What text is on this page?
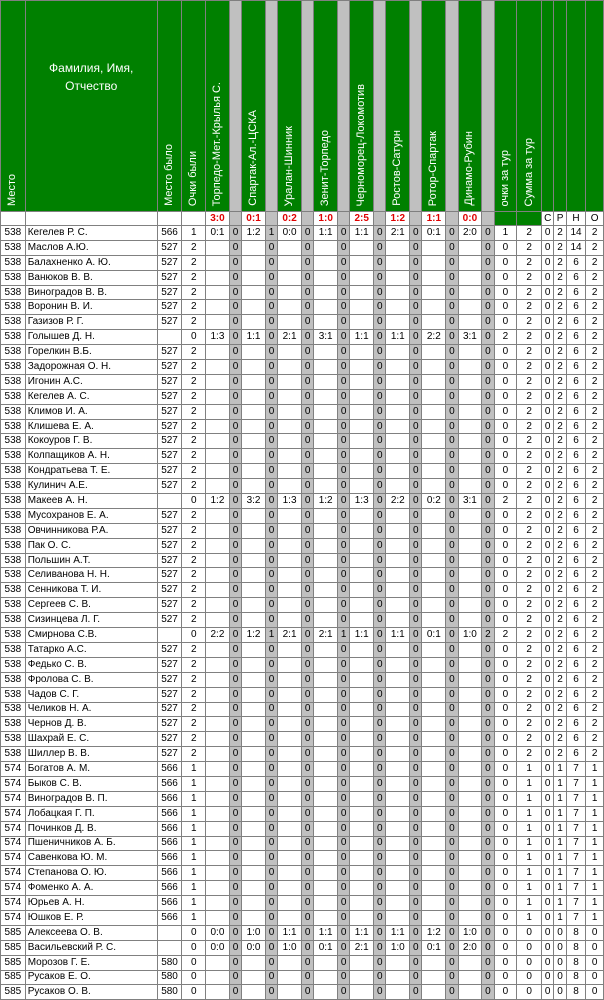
Место	Фамилия, Имя, Отчество	Место было	Очки были	Торпедо-Мет.-Крылья С.		Спартак-Ал.-ЦСКА		Уралан-Шинник		Зенит-Торпедо		Черноморец-Локомотив		Ростов-Сатурн		Ротор-Спартак		Динамо-Рубин		очки за тур	Сумма за тур				
				3:0		0:1		0:2		1:0		2:5		1:2		1:1		0:0				С	Р	Н	О
538	Кегелев Р. С.	566	1	0:1	0	1:2	1	0:0	0	1:1	0	1:1	0	2:1	0	0:1	0	2:0	0	1	2	0	2	14	2
538	Маслов А.Ю.	527	2		0		0		0		0		0		0		0		0	0	2	0	2	14	2
538	Балахненко А. Ю.	527	2		0		0		0		0		0		0		0		0	0	2	0	2	6	2
538	Ванюков В. В.	527	2		0		0		0		0		0		0		0		0	0	2	0	2	6	2
538	Виноградов В. В.	527	2		0		0		0		0		0		0		0		0	0	2	0	2	6	2
538	Воронин В. И.	527	2		0		0		0		0		0		0		0		0	0	2	0	2	6	2
538	Газизов Р. Г.	527	2		0		0		0		0		0		0		0		0	0	2	0	2	6	2
538	Голышев Д. Н.		0	1:3	0	1:1	0	2:1	0	3:1	0	1:1	0	1:1	0	2:2	0	3:1	0	2	2	0	2	6	2
538	Горелкин В.Б.	527	2		0		0		0		0		0		0		0		0	0	2	0	2	6	2
538	Задорожная О. Н.	527	2		0		0		0		0		0		0		0		0	0	2	0	2	6	2
538	Игонин А.С.	527	2		0		0		0		0		0		0		0		0	0	2	0	2	6	2
538	Кегелев А. С.	527	2		0		0		0		0		0		0		0		0	0	2	0	2	6	2
538	Климов И. А.	527	2		0		0		0		0		0		0		0		0	0	2	0	2	6	2
538	Клишева Е. А.	527	2		0		0		0		0		0		0		0		0	0	2	0	2	6	2
538	Кокоуров Г. В.	527	2		0		0		0		0		0		0		0		0	0	2	0	2	6	2
538	Колпащиков А. Н.	527	2		0		0		0		0		0		0		0		0	0	2	0	2	6	2
538	Кондратьева Т. Е.	527	2		0		0		0		0		0		0		0		0	0	2	0	2	6	2
538	Кулинич А.Е.	527	2		0		0		0		0		0		0		0		0	0	2	0	2	6	2
538	Макеев А. Н.		0	1:2	0	3:2	0	1:3	0	1:2	0	1:3	0	2:2	0	0:2	0	3:1	0	2	2	0	2	6	2
538	Мусохранов Е. А.	527	2		0		0		0		0		0		0		0		0	0	2	0	2	6	2
538	Овчинникова Р.А.	527	2		0		0		0		0		0		0		0		0	0	2	0	2	6	2
538	Пак О. С.	527	2		0		0		0		0		0		0		0		0	0	2	0	2	6	2
538	Польшин А.Т.	527	2		0		0		0		0		0		0		0		0	0	2	0	2	6	2
538	Селиванова Н. Н.	527	2		0		0		0		0		0		0		0		0	0	2	0	2	6	2
538	Сенникова Т. И.	527	2		0		0		0		0		0		0		0		0	0	2	0	2	6	2
538	Сергеев С. В.	527	2		0		0		0		0		0		0		0		0	0	2	0	2	6	2
538	Сизинцева Л. Г.	527	2		0		0		0		0		0		0		0		0	0	2	0	2	6	2
538	Смирнова С.В.		0	2:2	0	1:2	1	2:1	0	2:1	1	1:1	0	1:1	0	0:1	0	1:0	2	2	2	0	2	6	2
538	Татарко А.С.	527	2		0		0		0		0		0		0		0		0	0	2	0	2	6	2
538	Федько С. В.	527	2		0		0		0		0		0		0		0		0	0	2	0	2	6	2
538	Фролова С. В.	527	2		0		0		0		0		0		0		0		0	0	2	0	2	6	2
538	Чадов С. Г.	527	2		0		0		0		0		0		0		0		0	0	2	0	2	6	2
538	Челиков Н. А.	527	2		0		0		0		0		0		0		0		0	0	2	0	2	6	2
538	Чернов Д. В.	527	2		0		0		0		0		0		0		0		0	0	2	0	2	6	2
538	Шахрай Е. С.	527	2		0		0		0		0		0		0		0		0	0	2	0	2	6	2
538	Шиллер В. В.	527	2		0		0		0		0		0		0		0		0	0	2	0	2	6	2
574	Богатов А. М.	566	1		0		0		0		0		0		0		0		0	0	1	0	1	7	1
574	Быков С. В.	566	1		0		0		0		0		0		0		0		0	0	1	0	1	7	1
574	Виноградов В. П.	566	1		0		0		0		0		0		0		0		0	0	1	0	1	7	1
574	Лобацкая Г. П.	566	1		0		0		0		0		0		0		0		0	0	1	0	1	7	1
574	Починков Д. В.	566	1		0		0		0		0		0		0		0		0	0	1	0	1	7	1
574	Пшеничников А. Б.	566	1		0		0		0		0		0		0		0		0	0	1	0	1	7	1
574	Савенкова Ю. М.	566	1		0		0		0		0		0		0		0		0	0	1	0	1	7	1
574	Степанова О. Ю.	566	1		0		0		0		0		0		0		0		0	0	1	0	1	7	1
574	Фоменко А. А.	566	1		0		0		0		0		0		0		0		0	0	1	0	1	7	1
574	Юрьев А. Н.	566	1		0		0		0		0		0		0		0		0	0	1	0	1	7	1
574	Юшков Е. Р.	566	1		0		0		0		0		0		0		0		0	0	1	0	1	7	1
585	Алексеева О. В.		0	0:0	0	1:0	0	1:1	0	1:1	0	1:1	0	1:1	0	1:2	0	1:0	0	0	0	0	0	8	0
585	Васильевский Р. С.		0	0:0	0	0:0	0	1:0	0	0:1	0	2:1	0	1:0	0	0:1	0	2:0	0	0	0	0	0	8	0
585	Морозов Г. Е.	580	0		0		0		0		0		0		0		0		0	0	0	0	0	8	0
585	Русаков Е. О.	580	0		0		0		0		0		0		0		0		0	0	0	0	0	8	0
585	Русаков О. В.	580	0		0		0		0		0		0		0		0		0	0	0	0	0	8	0
